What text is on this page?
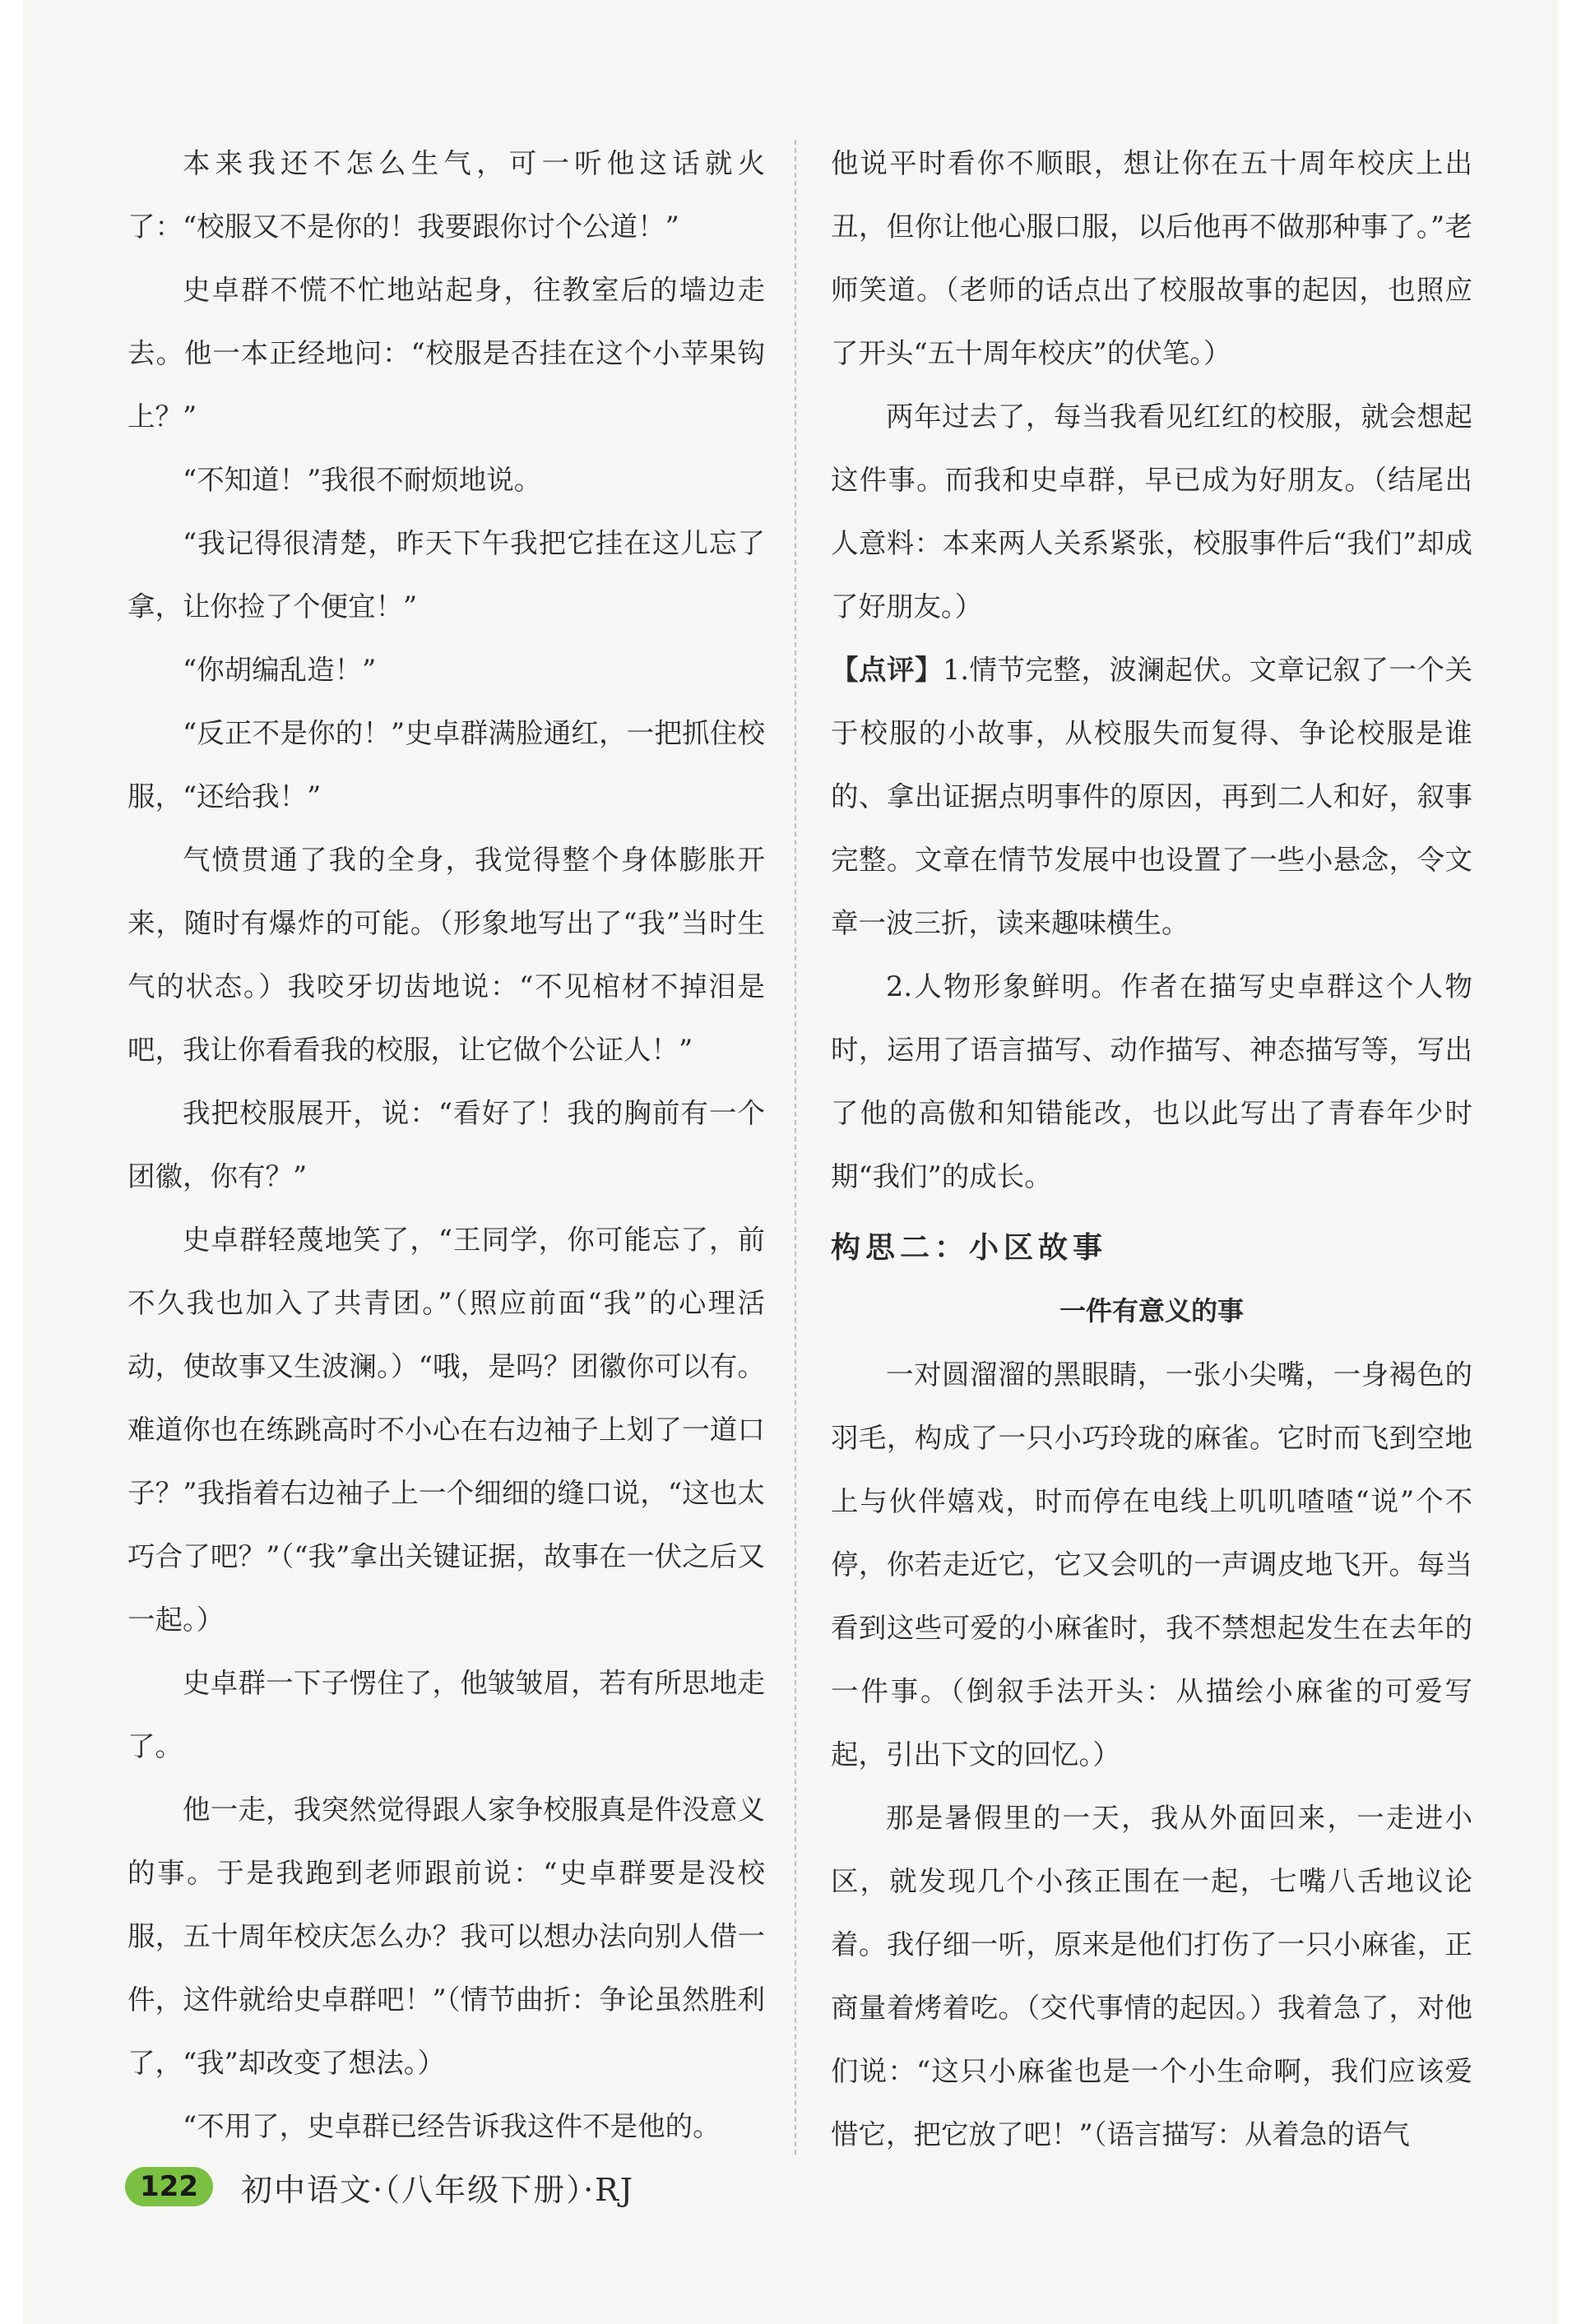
本来我还不怎么生气，可一听他这话就火了：“校服又不是你的！我要跟你讨个公道！”

史卓群不慌不忙地站起身，往教室后的墙边走去。他一本正经地问：“校服是否挂在这个小苹果钩上？”

“不知道！”我很不耐烦地说。

“我记得很清楚，昨天下午我把它挂在这儿忘了拿，让你捡了个便宜！”

“你胡编乱造！”

“反正不是你的！”史卓群满脸通红，一把抓住校服，“还给我！”

气愤贯通了我的全身，我觉得整个身体膨胀开来，随时有爆炸的可能。（形象地写出了“我”当时生气的状态。）我咬牙切齿地说：“不见棺材不掉泪是吧，我让你看看我的校服，让它做个公证人！”

我把校服展开，说：“看好了！我的胸前有一个团徽，你有？”

史卓群轻蔑地笑了，“王同学，你可能忘了，前不久我也加入了共青团。”（照应前面“我”的心理活动，使故事又生波澜。）“哦，是吗？团徽你可以有。难道你也在练跳高时不小心在右边袖子上划了一道口子？”我指着右边袖子上一个细细的缝口说，“这也太巧合了吧？”（“我”拿出关键证据，故事在一伏之后又一起。）

史卓群一下子愣住了，他皱皱眉，若有所思地走了。

他一走，我突然觉得跟人家争校服真是件没意义的事。于是我跑到老师跟前说：“史卓群要是没校服，五十周年校庆怎么办？我可以想办法向别人借一件，这件就给史卓群吧！”（情节曲折：争论虽然胜利了，“我”却改变了想法。）

“不用了，史卓群已经告诉我这件不是他的。

他说平时看你不顺眼，想让你在五十周年校庆上出丑，但你让他心服口服，以后他再不做那种事了。”老师笑道。（老师的话点出了校服故事的起因，也照应了开头“五十周年校庆”的伏笔。）

两年过去了，每当我看见红红的校服，就会想起这件事。而我和史卓群，早已成为好朋友。（结尾出人意料：本来两人关系紧张，校服事件后“我们”却成了好朋友。）

【点评】1.情节完整，波澜起伏。文章记叙了一个关于校服的小故事，从校服失而复得、争论校服是谁的、拿出证据点明事件的原因，再到二人和好，叙事完整。文章在情节发展中也设置了一些小悬念，令文章一波三折，读来趣味横生。

2.人物形象鲜明。作者在描写史卓群这个人物时，运用了语言描写、动作描写、神态描写等，写出了他的高傲和知错能改，也以此写出了青春年少时期“我们”的成长。

构思二：小区故事

一件有意义的事

一对圆溜溜的黑眼睛，一张小尖嘴，一身褐色的羽毛，构成了一只小巧玲珑的麻雀。它时而飞到空地上与伙伴嬉戏，时而停在电线上叽叽喳喳“说”个不停，你若走近它，它又会叽的一声调皮地飞开。每当看到这些可爱的小麻雀时，我不禁想起发生在去年的一件事。（倒叙手法开头：从描绘小麻雀的可爱写起，引出下文的回忆。）

那是暑假里的一天，我从外面回来，一走进小区，就发现几个小孩正围在一起，七嘴八舌地议论着。我仔细一听，原来是他们打伤了一只小麻雀，正商量着烤着吃。（交代事情的起因。）我着急了，对他们说：“这只小麻雀也是一个小生命啊，我们应该爱惜它，把它放了吧！”（语言描写：从着急的语气

122	初中语文·（八年级下册）·RJ
